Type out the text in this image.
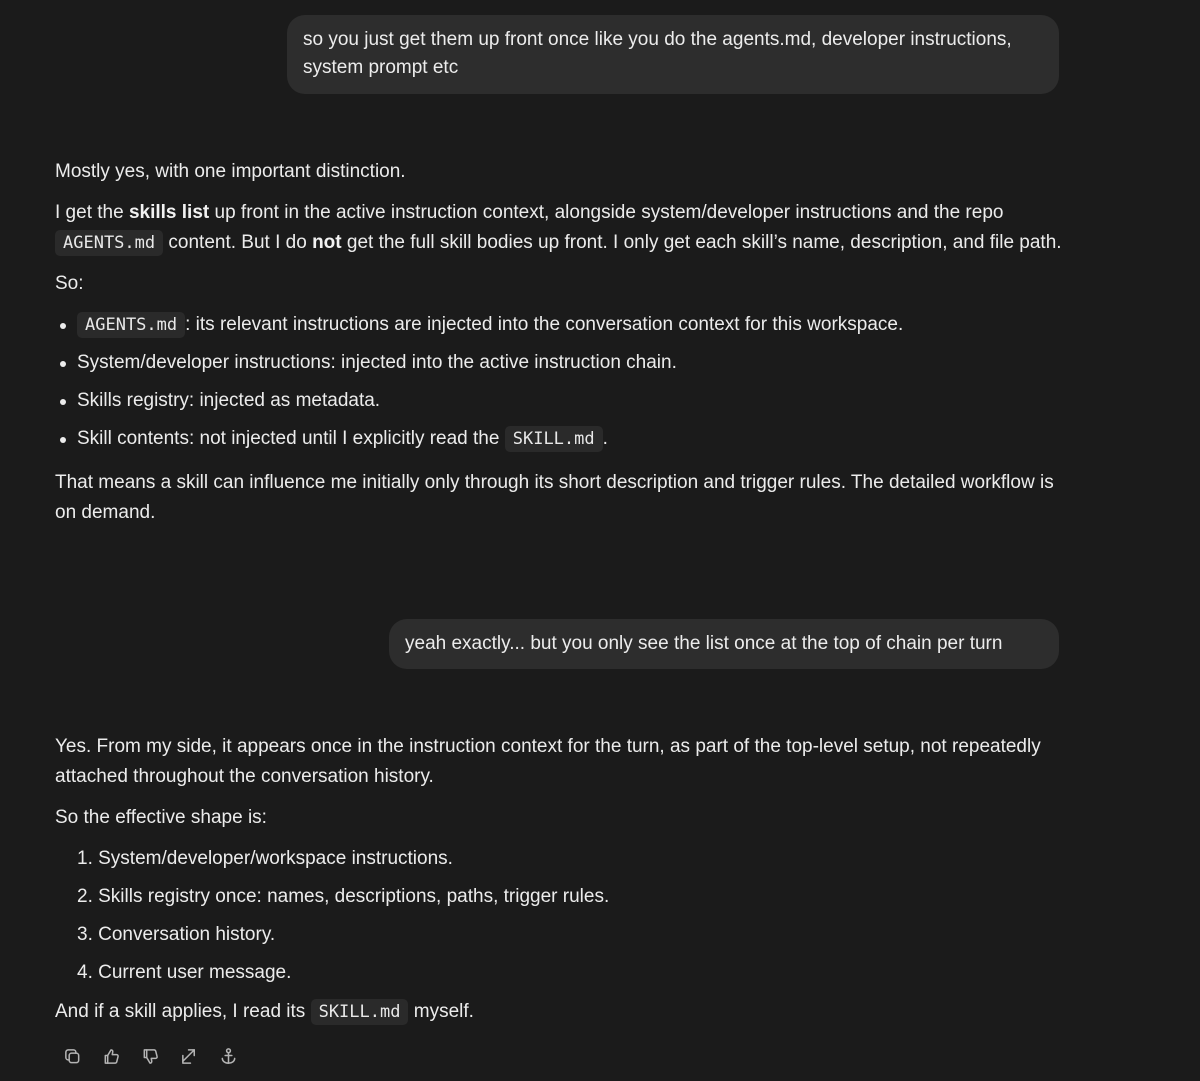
so you just get them up front once like you do the agents.md, developer instructions, system prompt etc

Mostly yes, with one important distinction.

I get the skills list up front in the active instruction context, alongside system/developer instructions and the repo AGENTS.md content. But I do not get the full skill bodies up front. I only get each skill’s name, description, and file path.

So:

AGENTS.md : its relevant instructions are injected into the conversation context for this workspace.
System/developer instructions: injected into the active instruction chain.
Skills registry: injected as metadata.
Skill contents: not injected until I explicitly read the SKILL.md .

That means a skill can influence me initially only through its short description and trigger rules. The detailed workflow is on demand.

yeah exactly... but you only see the list once at the top of chain per turn

Yes. From my side, it appears once in the instruction context for the turn, as part of the top-level setup, not repeatedly attached throughout the conversation history.

So the effective shape is:

1. System/developer/workspace instructions.
2. Skills registry once: names, descriptions, paths, trigger rules.
3. Conversation history.
4. Current user message.

And if a skill applies, I read its SKILL.md myself.
